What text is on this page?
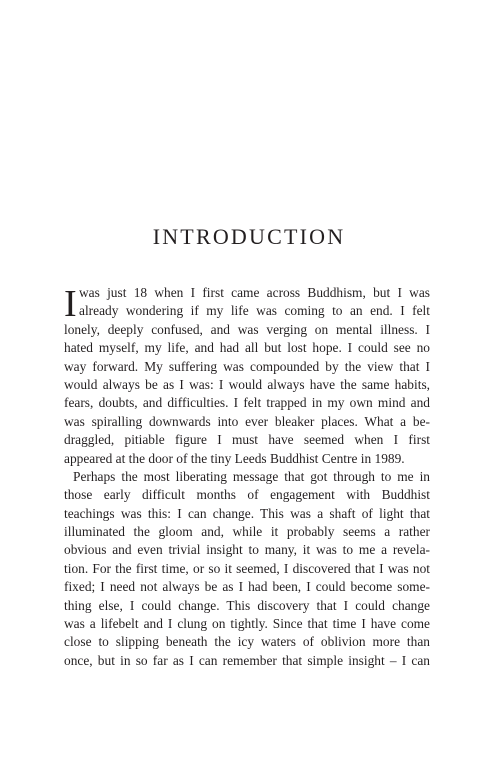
INTRODUCTION
I was just 18 when I first came across Buddhism, but I was
already wondering if my life was coming to an end. I felt
lonely, deeply confused, and was verging on mental illness. I
hated myself, my life, and had all but lost hope. I could see no
way forward. My suffering was compounded by the view that I
would always be as I was: I would always have the same habits,
fears, doubts, and difficulties. I felt trapped in my own mind and
was spiralling downwards into ever bleaker places. What a be-
draggled, pitiable figure I must have seemed when I first
appeared at the door of the tiny Leeds Buddhist Centre in 1989.
Perhaps the most liberating message that got through to me in
those early difficult months of engagement with Buddhist
teachings was this: I can change. This was a shaft of light that
illuminated the gloom and, while it probably seems a rather
obvious and even trivial insight to many, it was to me a revela-
tion. For the first time, or so it seemed, I discovered that I was not
fixed; I need not always be as I had been, I could become some-
thing else, I could change. This discovery that I could change
was a lifebelt and I clung on tightly. Since that time I have come
close to slipping beneath the icy waters of oblivion more than
once, but in so far as I can remember that simple insight – I can
